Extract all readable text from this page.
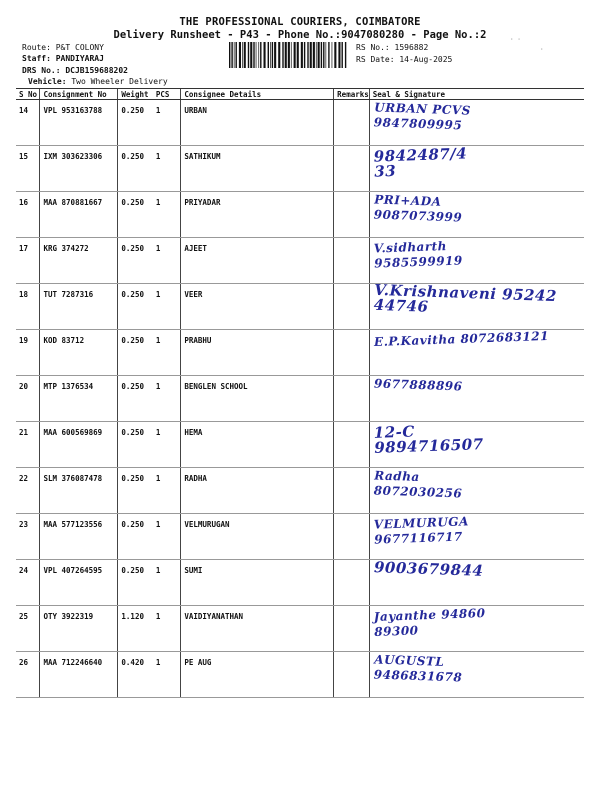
THE PROFESSIONAL COURIERS, COIMBATORE
Delivery Runsheet - P43 - Phone No.:9047080280 - Page No.:2
Route: P&T COLONY
Staff: PANDIYARAJ
DRS No.: DCJB159688202
Vehicle: Two Wheeler Delivery
RS No.: 1596882
RS Date: 14-Aug-2025
· ·
·
S No	Consignment No	Weight	PCS	Consignee Details	Remarks	Seal & Signature
14	VPL 953163788	0.250	1	URBAN		URBAN PCVS
9847809995

15	IXM 303623306	0.250	1	SATHIKUM		9842487/4
33

16	MAA 870881667	0.250	1	PRIYADAR		PRI+ADA
9087073999

17	KRG 374272	0.250	1	AJEET		V.sidharth
9585599919

18	TUT 7287316	0.250	1	VEER		V.Krishnaveni 95242
44746

19	KOD 83712	0.250	1	PRABHU		E.P.Kavitha 8072683121

20	MTP 1376534	0.250	1	BENGLEN SCHOOL		9677888896

21	MAA 600569869	0.250	1	HEMA		12-C
9894716507

22	SLM 376087478	0.250	1	RADHA		Radha
8072030256

23	MAA 577123556	0.250	1	VELMURUGAN		VELMURUGA
9677116717

24	VPL 407264595	0.250	1	SUMI		9003679844

25	OTY 3922319	1.120	1	VAIDIYANATHAN		Jayanthe 94860
89300

26	MAA 712246640	0.420	1	PE AUG		AUGUSTL
9486831678
